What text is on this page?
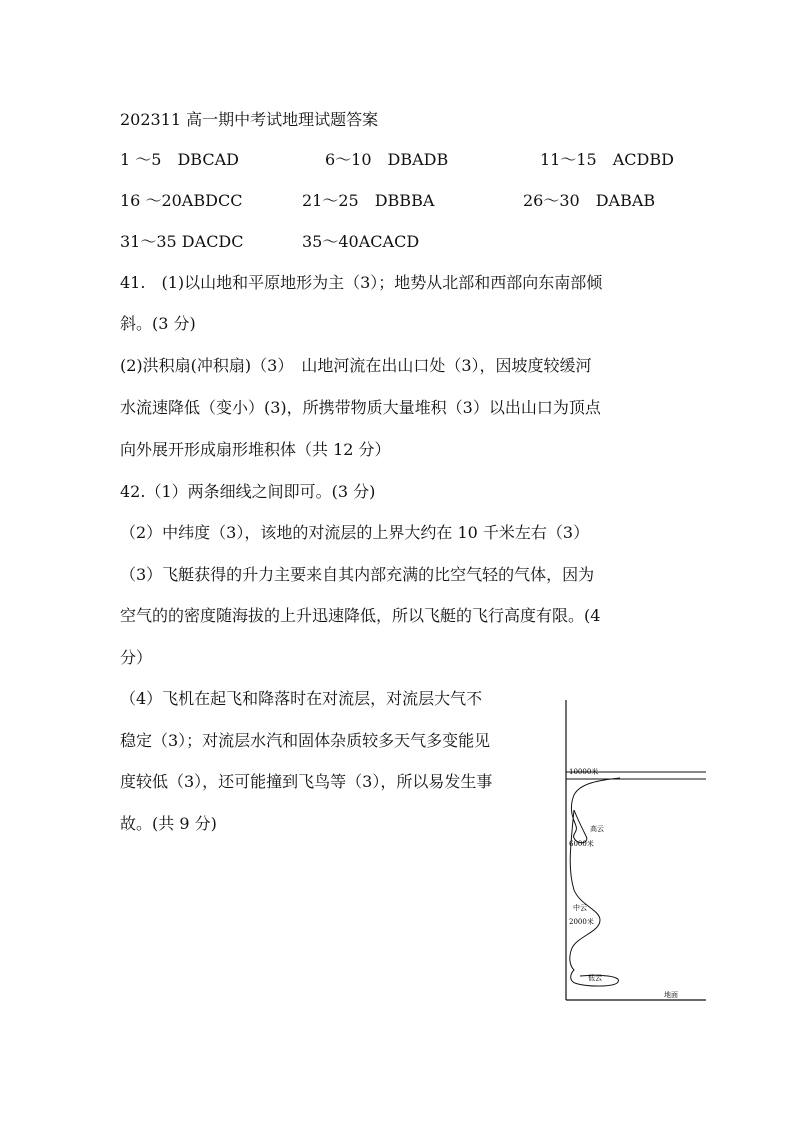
202311 高一期中考试地理试题答案
1 ～5　DBCAD	6～10　DBADB	11～15　ACDBD
16 ～20ABDCC	21～25　DBBBA	26～30　DABAB
31～35 DACDC	35～40ACACD
41.　(1)以山地和平原地形为主（3）；地势从北部和西部向东南部倾
斜。(3 分)
(2)洪积扇(冲积扇)（3）　山地河流在出山口处（3），因坡度较缓河
水流速降低（变小）(3)，所携带物质大量堆积（3）以出山口为顶点
向外展开形成扇形堆积体（共 12 分）
42.（1）两条细线之间即可。(3 分)
（2）中纬度（3），该地的对流层的上界大约在 10 千米左右（3）
（3）飞艇获得的升力主要来自其内部充满的比空气轻的气体，因为
空气的的密度随海拔的上升迅速降低，所以飞艇的飞行高度有限。(4
分）
（4）飞机在起飞和降落时在对流层，对流层大气不
稳定（3）；对流层水汽和固体杂质较多天气多变能见
度较低（3），还可能撞到飞鸟等（3），所以易发生事
故。(共 9 分)
10000米
高云
6000米
中云
2000米
低云
地面
